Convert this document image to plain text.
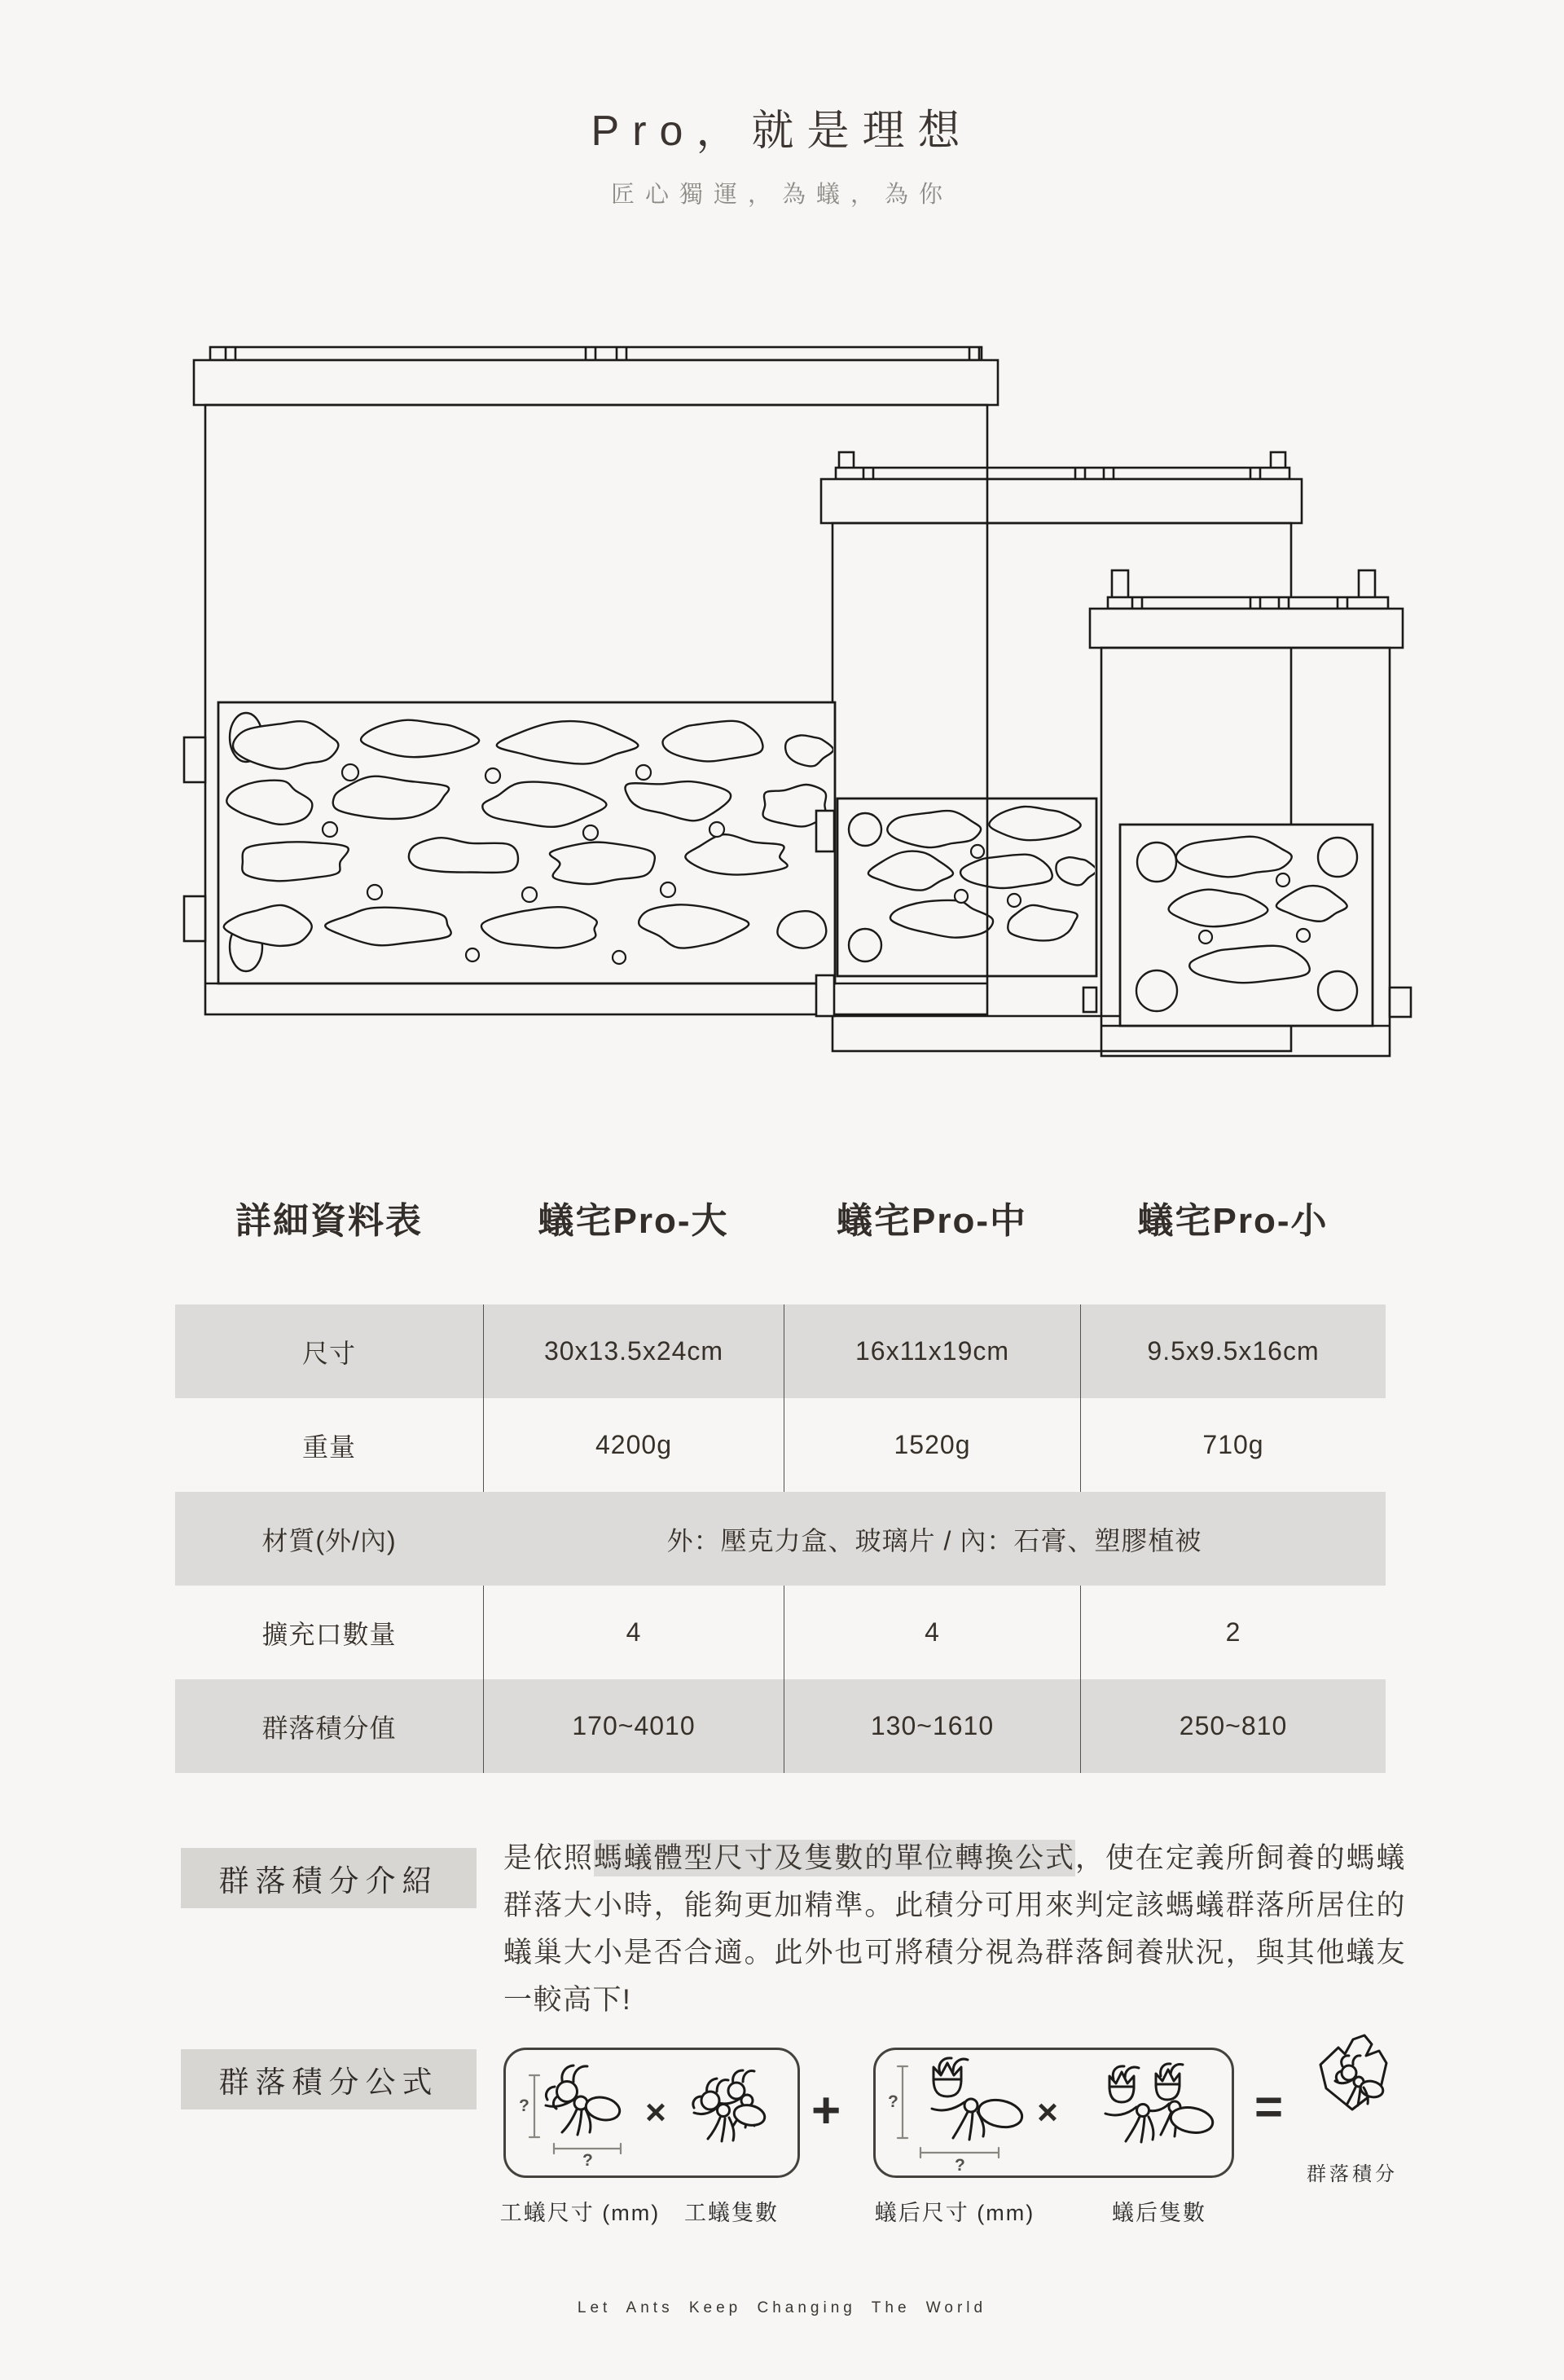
Pro，就是理想
匠心獨運，為蟻，為你
詳細資料表	蟻宅Pro-大	蟻宅Pro-中	蟻宅Pro-小
尺寸	30x13.5x24cm	16x11x19cm	9.5x9.5x16cm
重量	4200g	1520g	710g
材質(外/內)	外：壓克力盒、玻璃片 / 內：石膏、塑膠植被
擴充口數量	4	4	2
群落積分值	170~4010	130~1610	250~810
群落積分介紹

是依照螞蟻體型尺寸及隻數的單位轉換公式，使在定義所飼養的螞蟻群落大小時，能夠更加精準。此積分可用來判定該螞蟻群落所居住的蟻巢大小是否合適。此外也可將積分視為群落飼養狀況，與其他蟻友一較高下!

群落積分公式
?
?
×	+	?
?
×	=
群落積分
工蟻尺寸 (mm) 工蟻隻數	蟻后尺寸 (mm)	蟻后隻數
Let Ants Keep Changing The World
